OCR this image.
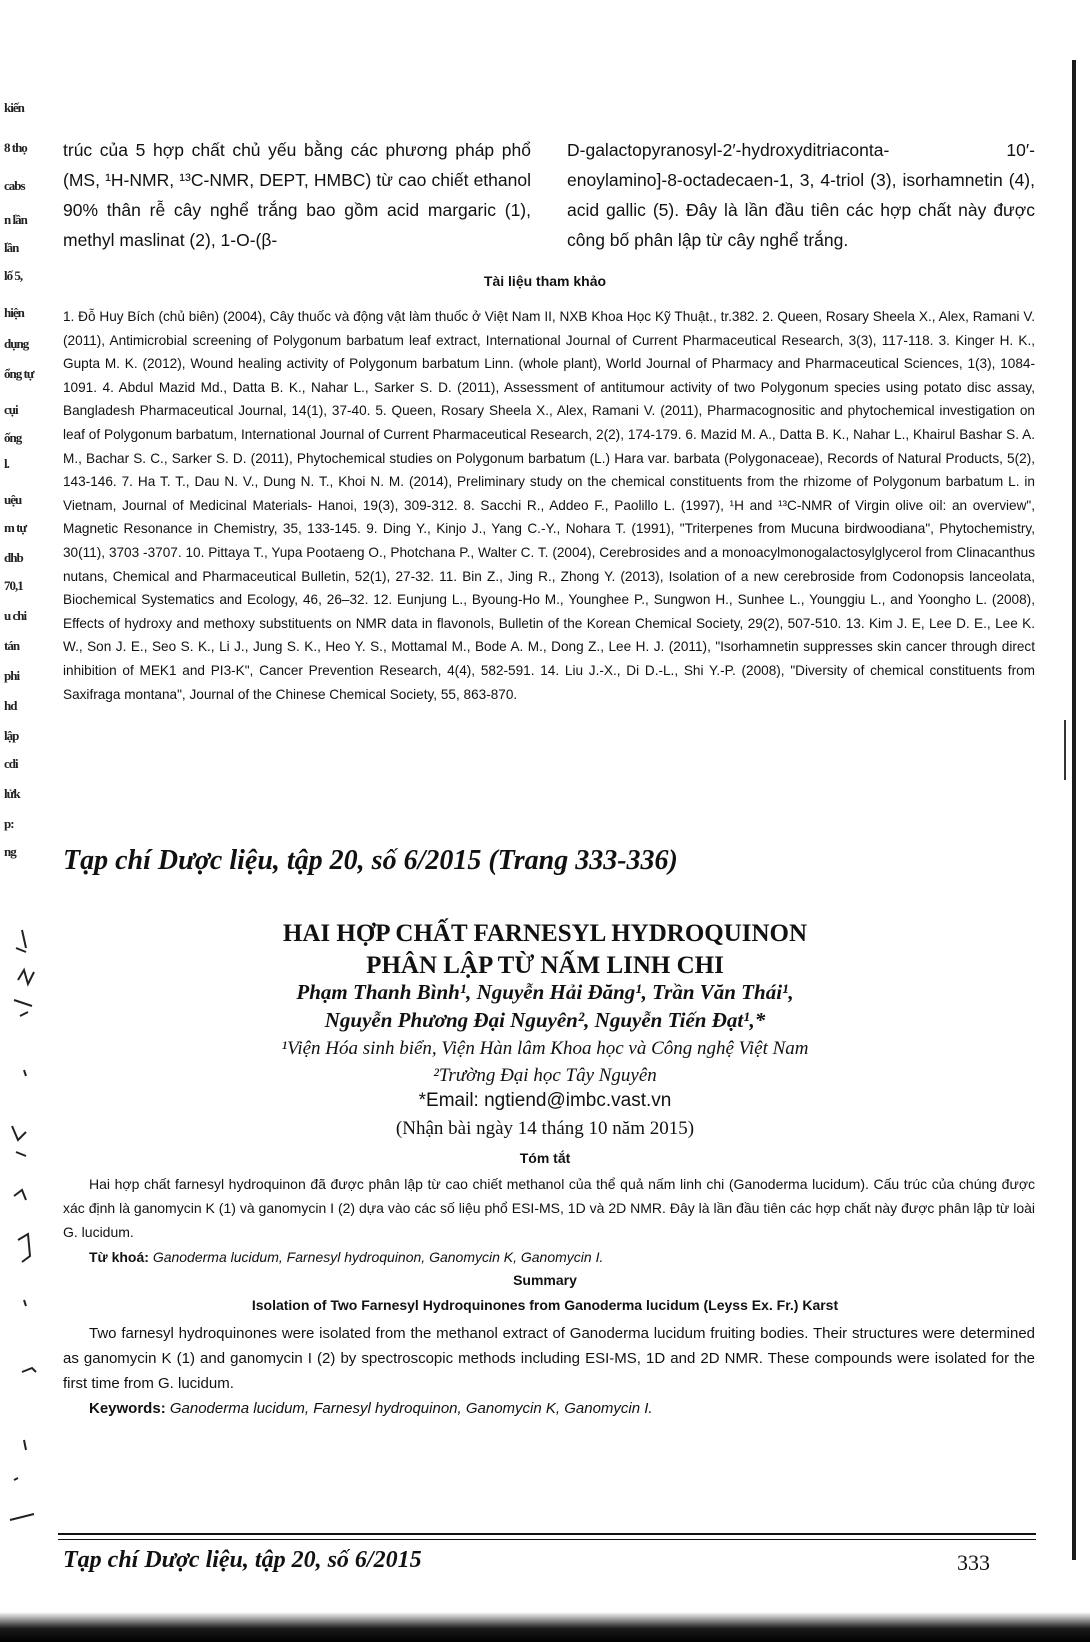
kiến
8 thọ
cabs
n lần
lần
lố 5,
hiện
dụng
ổng tự
cụi
ống
l.
uệu
m tự
dhb
70,1
u chi
tán
phi
hd
lập
cdi
lửk
p:
ng
trúc của 5 hợp chất chủ yếu bằng các phương pháp phổ (MS, ¹H-NMR, ¹³C-NMR, DEPT, HMBC) từ cao chiết ethanol 90% thân rễ cây nghể trắng bao gồm acid margaric (1), methyl maslinat (2), 1-O-(β-
D-galactopyranosyl-2′-hydroxyditriaconta- 10′-enoylamino]-8-octadecaen-1, 3, 4-triol (3), isorhamnetin (4), acid gallic (5). Đây là lần đầu tiên các hợp chất này được công bố phân lập từ cây nghể trắng.
Tài liệu tham khảo
1. Đỗ Huy Bích (chủ biên) (2004), Cây thuốc và động vật làm thuốc ở Việt Nam II, NXB Khoa Học Kỹ Thuật., tr.382. 2. Queen, Rosary Sheela X., Alex, Ramani V. (2011), Antimicrobial screening of Polygonum barbatum leaf extract, International Journal of Current Pharmaceutical Research, 3(3), 117-118. 3. Kinger H. K., Gupta M. K. (2012), Wound healing activity of Polygonum barbatum Linn. (whole plant), World Journal of Pharmacy and Pharmaceutical Sciences, 1(3), 1084-1091. 4. Abdul Mazid Md., Datta B. K., Nahar L., Sarker S. D. (2011), Assessment of antitumour activity of two Polygonum species using potato disc assay, Bangladesh Pharmaceutical Journal, 14(1), 37-40. 5. Queen, Rosary Sheela X., Alex, Ramani V. (2011), Pharmacognositic and phytochemical investigation on leaf of Polygonum barbatum, International Journal of Current Pharmaceutical Research, 2(2), 174-179. 6. Mazid M. A., Datta B. K., Nahar L., Khairul Bashar S. A. M., Bachar S. C., Sarker S. D. (2011), Phytochemical studies on Polygonum barbatum (L.) Hara var. barbata (Polygonaceae), Records of Natural Products, 5(2), 143-146. 7. Ha T. T., Dau N. V., Dung N. T., Khoi N. M. (2014), Preliminary study on the chemical constituents from the rhizome of Polygonum barbatum L. in Vietnam, Journal of Medicinal Materials- Hanoi, 19(3), 309-312. 8. Sacchi R., Addeo F., Paolillo L. (1997), ¹H and ¹³C-NMR of Virgin olive oil: an overview", Magnetic Resonance in Chemistry, 35, 133-145. 9. Ding Y., Kinjo J., Yang C.-Y., Nohara T. (1991), "Triterpenes from Mucuna birdwoodiana", Phytochemistry, 30(11), 3703 -3707. 10. Pittaya T., Yupa Pootaeng O., Photchana P., Walter C. T. (2004), Cerebrosides and a monoacylmonogalactosylglycerol from Clinacanthus nutans, Chemical and Pharmaceutical Bulletin, 52(1), 27-32. 11. Bin Z., Jing R., Zhong Y. (2013), Isolation of a new cerebroside from Codonopsis lanceolata, Biochemical Systematics and Ecology, 46, 26–32. 12. Eunjung L., Byoung-Ho M., Younghee P., Sungwon H., Sunhee L., Younggiu L., and Yoongho L. (2008), Effects of hydroxy and methoxy substituents on NMR data in flavonols, Bulletin of the Korean Chemical Society, 29(2), 507-510. 13. Kim J. E, Lee D. E., Lee K. W., Son J. E., Seo S. K., Li J., Jung S. K., Heo Y. S., Mottamal M., Bode A. M., Dong Z., Lee H. J. (2011), "Isorhamnetin suppresses skin cancer through direct inhibition of MEK1 and PI3-K", Cancer Prevention Research, 4(4), 582-591. 14. Liu J.-X., Di D.-L., Shi Y.-P. (2008), "Diversity of chemical constituents from Saxifraga montana", Journal of the Chinese Chemical Society, 55, 863-870.
Tạp chí Dược liệu, tập 20, số 6/2015 (Trang 333-336)
HAI HỢP CHẤT FARNESYL HYDROQUINON
PHÂN LẬP TỪ NẤM LINH CHI
Phạm Thanh Bình¹, Nguyễn Hải Đăng¹, Trần Văn Thái¹,
Nguyễn Phương Đại Nguyên², Nguyễn Tiến Đạt¹,*
¹Viện Hóa sinh biển, Viện Hàn lâm Khoa học và Công nghệ Việt Nam
²Trường Đại học Tây Nguyên
*Email: ngtiend@imbc.vast.vn
(Nhận bài ngày 14 tháng 10 năm 2015)
Tóm tắt
Hai hợp chất farnesyl hydroquinon đã được phân lập từ cao chiết methanol của thể quả nấm linh chi (Ganoderma lucidum). Cấu trúc của chúng được xác định là ganomycin K (1) và ganomycin I (2) dựa vào các số liệu phổ ESI-MS, 1D và 2D NMR. Đây là lần đầu tiên các hợp chất này được phân lập từ loài G. lucidum.
Từ khoá: Ganoderma lucidum, Farnesyl hydroquinon, Ganomycin K, Ganomycin I.
Summary
Isolation of Two Farnesyl Hydroquinones from Ganoderma lucidum (Leyss Ex. Fr.) Karst
Two farnesyl hydroquinones were isolated from the methanol extract of Ganoderma lucidum fruiting bodies. Their structures were determined as ganomycin K (1) and ganomycin I (2) by spectroscopic methods including ESI-MS, 1D and 2D NMR. These compounds were isolated for the first time from G. lucidum.
Keywords: Ganoderma lucidum, Farnesyl hydroquinon, Ganomycin K, Ganomycin I.
Tạp chí Dược liệu, tập 20, số 6/2015	333
